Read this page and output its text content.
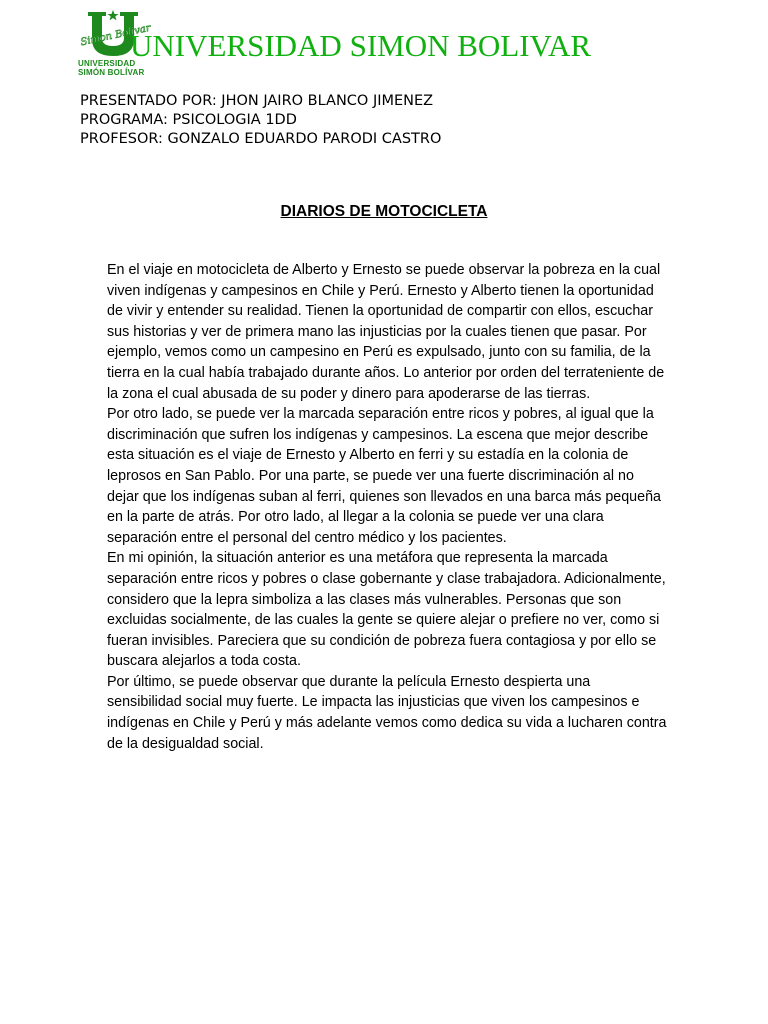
Simon Bolivar
UNIVERSIDAD
SIMÓN BOLÍVAR
UNIVERSIDAD SIMON BOLIVAR
PRESENTADO POR: JHON JAIRO BLANCO JIMENEZ
PROGRAMA: PSICOLOGIA 1DD
PROFESOR: GONZALO EDUARDO PARODI CASTRO
DIARIOS DE MOTOCICLETA

En el viaje en motocicleta de Alberto y Ernesto se puede observar la pobreza en la cual viven indígenas y campesinos en Chile y Perú. Ernesto y Alberto tienen la oportunidad de vivir y entender su realidad. Tienen la oportunidad de compartir con ellos, escuchar sus historias y ver de primera mano las injusticias por la cuales tienen que pasar. Por ejemplo, vemos como un campesino en Perú es expulsado, junto con su familia, de la tierra en la cual había trabajado durante años. Lo anterior por orden del terrateniente de la zona el cual abusada de su poder y dinero para apoderarse de las tierras.

Por otro lado, se puede ver la marcada separación entre ricos y pobres, al igual que la discriminación que sufren los indígenas y campesinos. La escena que mejor describe esta situación es el viaje de Ernesto y Alberto en ferri y su estadía en la colonia de leprosos en San Pablo. Por una parte, se puede ver una fuerte discriminación al no dejar que los indígenas suban al ferri, quienes son llevados en una barca más pequeña en la parte de atrás. Por otro lado, al llegar a la colonia se puede ver una clara separación entre el personal del centro médico y los pacientes.

En mi opinión, la situación anterior es una metáfora que representa la marcada separación entre ricos y pobres o clase gobernante y clase trabajadora. Adicionalmente, considero que la lepra simboliza a las clases más vulnerables. Personas que son excluidas socialmente, de las cuales la gente se quiere alejar o prefiere no ver, como si fueran invisibles. Pareciera que su condición de pobreza fuera contagiosa y por ello se buscara alejarlos a toda costa.

Por último, se puede observar que durante la película Ernesto despierta una sensibilidad social muy fuerte. Le impacta las injusticias que viven los campesinos e indígenas en Chile y Perú y más adelante vemos como dedica su vida a lucharen contra de la desigualdad social.
